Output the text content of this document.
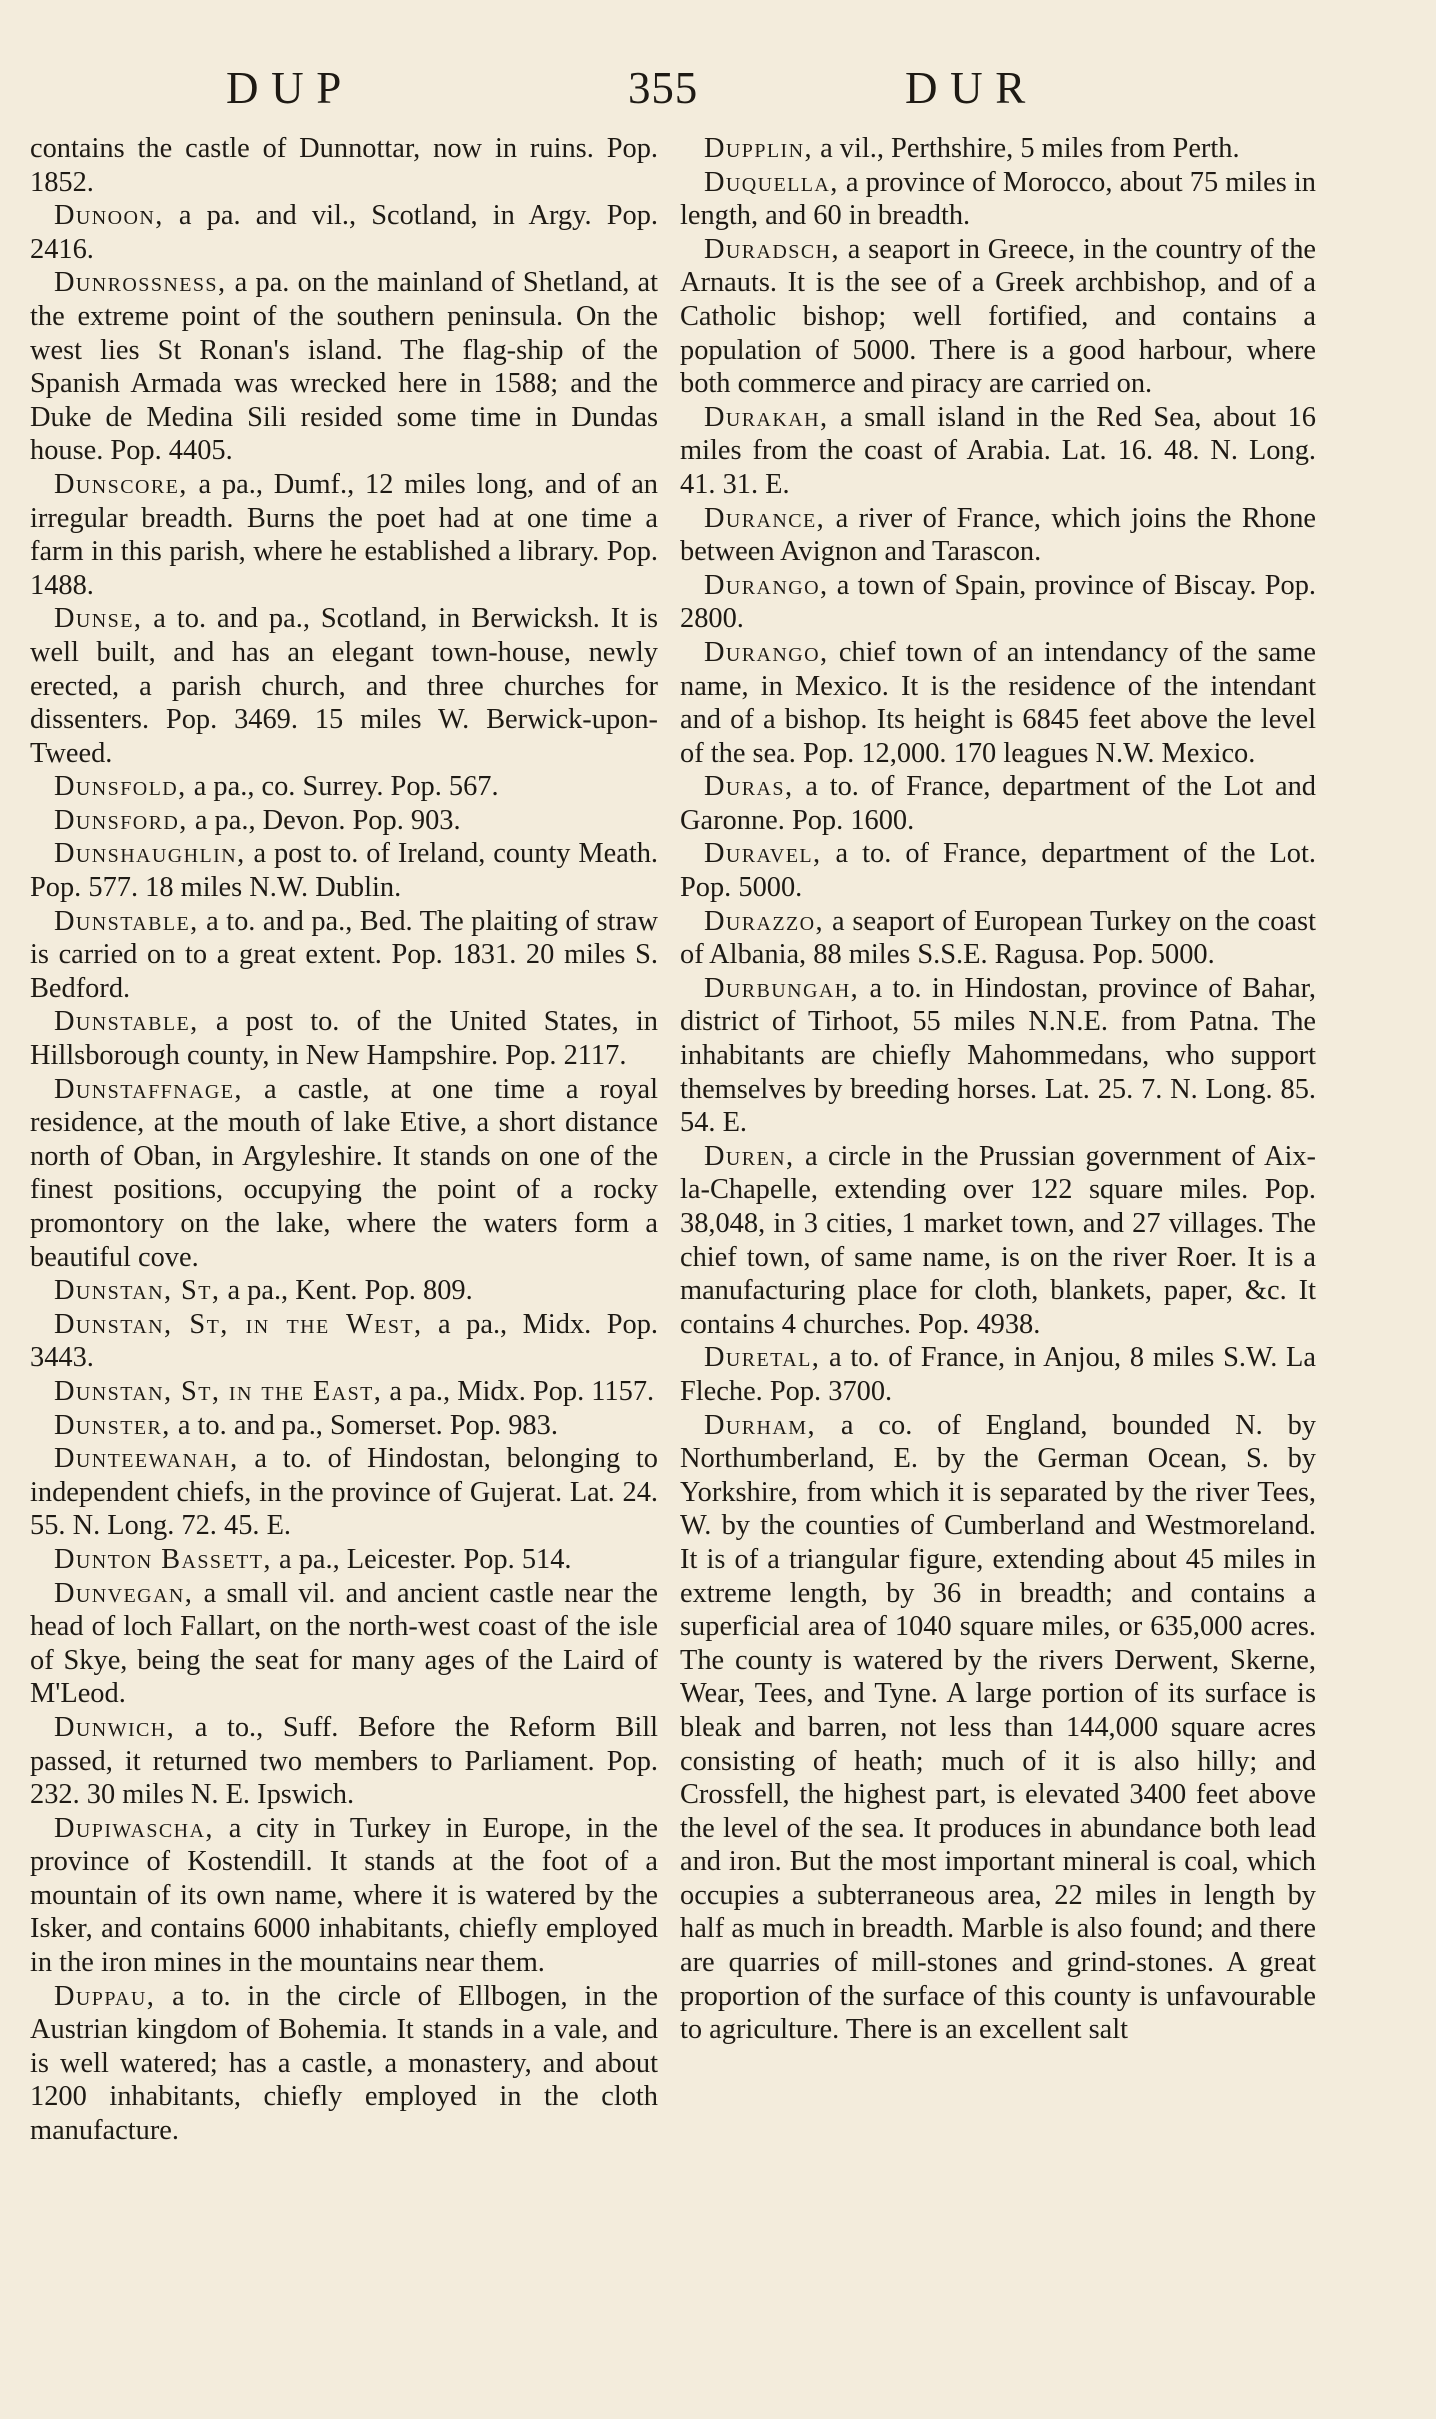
DUP	355	DUR

contains the castle of Dunnottar, now in ruins. Pop. 1852.

Dunoon, a pa. and vil., Scotland, in Argy. Pop. 2416.

Dunrossness, a pa. on the mainland of Shetland, at the extreme point of the southern peninsula. On the west lies St Ronan's island. The flag-ship of the Spanish Armada was wrecked here in 1588; and the Duke de Medina Sili resided some time in Dundas house. Pop. 4405.

Dunscore, a pa., Dumf., 12 miles long, and of an irregular breadth. Burns the poet had at one time a farm in this parish, where he established a library. Pop. 1488.

Dunse, a to. and pa., Scotland, in Berwicksh. It is well built, and has an elegant town-house, newly erected, a parish church, and three churches for dissenters. Pop. 3469. 15 miles W. Berwick-upon-Tweed.

Dunsfold, a pa., co. Surrey. Pop. 567.

Dunsford, a pa., Devon. Pop. 903.

Dunshaughlin, a post to. of Ireland, county Meath. Pop. 577. 18 miles N.W. Dublin.

Dunstable, a to. and pa., Bed. The plaiting of straw is carried on to a great extent. Pop. 1831. 20 miles S. Bedford.

Dunstable, a post to. of the United States, in Hillsborough county, in New Hampshire. Pop. 2117.

Dunstaffnage, a castle, at one time a royal residence, at the mouth of lake Etive, a short distance north of Oban, in Argyleshire. It stands on one of the finest positions, occupying the point of a rocky promontory on the lake, where the waters form a beautiful cove.

Dunstan, St, a pa., Kent. Pop. 809.

Dunstan, St, in the West, a pa., Midx. Pop. 3443.

Dunstan, St, in the East, a pa., Midx. Pop. 1157.

Dunster, a to. and pa., Somerset. Pop. 983.

Dunteewanah, a to. of Hindostan, belonging to independent chiefs, in the province of Gujerat. Lat. 24. 55. N. Long. 72. 45. E.

Dunton Bassett, a pa., Leicester. Pop. 514.

Dunvegan, a small vil. and ancient castle near the head of loch Fallart, on the north-west coast of the isle of Skye, being the seat for many ages of the Laird of M'Leod.

Dunwich, a to., Suff. Before the Reform Bill passed, it returned two members to Parliament. Pop. 232. 30 miles N. E. Ipswich.

Dupiwascha, a city in Turkey in Europe, in the province of Kostendill. It stands at the foot of a mountain of its own name, where it is watered by the Isker, and contains 6000 inhabitants, chiefly employed in the iron mines in the mountains near them.

Duppau, a to. in the circle of Ellbogen, in the Austrian kingdom of Bohemia. It stands in a vale, and is well watered; has a castle, a monastery, and about 1200 inhabitants, chiefly employed in the cloth manufacture.

Dupplin, a vil., Perthshire, 5 miles from Perth.

Duquella, a province of Morocco, about 75 miles in length, and 60 in breadth.

Duradsch, a seaport in Greece, in the country of the Arnauts. It is the see of a Greek archbishop, and of a Catholic bishop; well fortified, and contains a population of 5000. There is a good harbour, where both commerce and piracy are carried on.

Durakah, a small island in the Red Sea, about 16 miles from the coast of Arabia. Lat. 16. 48. N. Long. 41. 31. E.

Durance, a river of France, which joins the Rhone between Avignon and Tarascon.

Durango, a town of Spain, province of Biscay. Pop. 2800.

Durango, chief town of an intendancy of the same name, in Mexico. It is the residence of the intendant and of a bishop. Its height is 6845 feet above the level of the sea. Pop. 12,000. 170 leagues N.W. Mexico.

Duras, a to. of France, department of the Lot and Garonne. Pop. 1600.

Duravel, a to. of France, department of the Lot. Pop. 5000.

Durazzo, a seaport of European Turkey on the coast of Albania, 88 miles S.S.E. Ragusa. Pop. 5000.

Durbungah, a to. in Hindostan, province of Bahar, district of Tirhoot, 55 miles N.N.E. from Patna. The inhabitants are chiefly Mahommedans, who support themselves by breeding horses. Lat. 25. 7. N. Long. 85. 54. E.

Duren, a circle in the Prussian government of Aix-la-Chapelle, extending over 122 square miles. Pop. 38,048, in 3 cities, 1 market town, and 27 villages. The chief town, of same name, is on the river Roer. It is a manufacturing place for cloth, blankets, paper, &c. It contains 4 churches. Pop. 4938.

Duretal, a to. of France, in Anjou, 8 miles S.W. La Fleche. Pop. 3700.

Durham, a co. of England, bounded N. by Northumberland, E. by the German Ocean, S. by Yorkshire, from which it is separated by the river Tees, W. by the counties of Cumberland and Westmoreland. It is of a triangular figure, extending about 45 miles in extreme length, by 36 in breadth; and contains a superficial area of 1040 square miles, or 635,000 acres. The county is watered by the rivers Derwent, Skerne, Wear, Tees, and Tyne. A large portion of its surface is bleak and barren, not less than 144,000 square acres consisting of heath; much of it is also hilly; and Crossfell, the highest part, is elevated 3400 feet above the level of the sea. It produces in abundance both lead and iron. But the most important mineral is coal, which occupies a subterraneous area, 22 miles in length by half as much in breadth. Marble is also found; and there are quarries of mill-stones and grind-stones. A great proportion of the surface of this county is unfavourable to agriculture. There is an excellent salt
